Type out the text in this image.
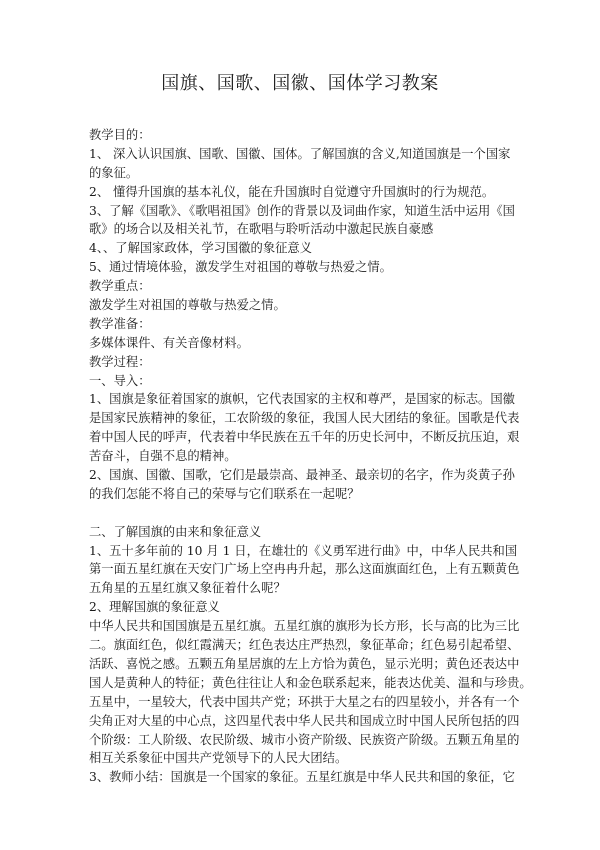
国旗、国歌、国徽、国体学习教案
教学目的：
1、 深入认识国旗、国歌、国徽、国体。了解国旗的含义,知道国旗是一个国家
的象征。
2、 懂得升国旗的基本礼仪，能在升国旗时自觉遵守升国旗时的行为规范。
3、了解《国歌》、《歌唱祖国》创作的背景以及词曲作家，知道生活中运用《国
歌》的场合以及相关礼节，在歌唱与聆听活动中激起民族自豪感
4、、了解国家政体，学习国徽的象征意义
5、通过情境体验，激发学生对祖国的尊敬与热爱之情。
教学重点：
激发学生对祖国的尊敬与热爱之情。
教学准备：
多媒体课件、有关音像材料。
教学过程：
一、导入：
1、国旗是象征着国家的旗帜，它代表国家的主权和尊严，是国家的标志。国徽
是国家民族精神的象征，工农阶级的象征，我国人民大团结的象征。国歌是代表
着中国人民的呼声，代表着中华民族在五千年的历史长河中，不断反抗压迫，艰
苦奋斗，自强不息的精神。
2、国旗、国徽、国歌，它们是最崇高、最神圣、最亲切的名字，作为炎黄子孙
的我们怎能不将自己的荣辱与它们联系在一起呢？
二、了解国旗的由来和象征意义
1、五十多年前的 10 月 1 日，在雄壮的《义勇军进行曲》中，中华人民共和国
第一面五星红旗在天安门广场上空冉冉升起，那么这面旗面红色，上有五颗黄色
五角星的五星红旗又象征着什么呢？
2、理解国旗的象征意义
中华人民共和国国旗是五星红旗。五星红旗的旗形为长方形，长与高的比为三比
二。旗面红色，似红霞满天；红色表达庄严热烈，象征革命；红色易引起希望、
活跃、喜悦之感。五颗五角星居旗的左上方恰为黄色，显示光明；黄色还表达中
国人是黄种人的特征；黄色往往让人和金色联系起来，能表达优美、温和与珍贵。
五星中，一星较大，代表中国共产党；环拱于大星之右的四星较小，并各有一个
尖角正对大星的中心点，这四星代表中华人民共和国成立时中国人民所包括的四
个阶级：工人阶级、农民阶级、城市小资产阶级、民族资产阶级。五颗五角星的
相互关系象征中国共产党领导下的人民大团结。
3、教师小结：国旗是一个国家的象征。五星红旗是中华人民共和国的象征，它
